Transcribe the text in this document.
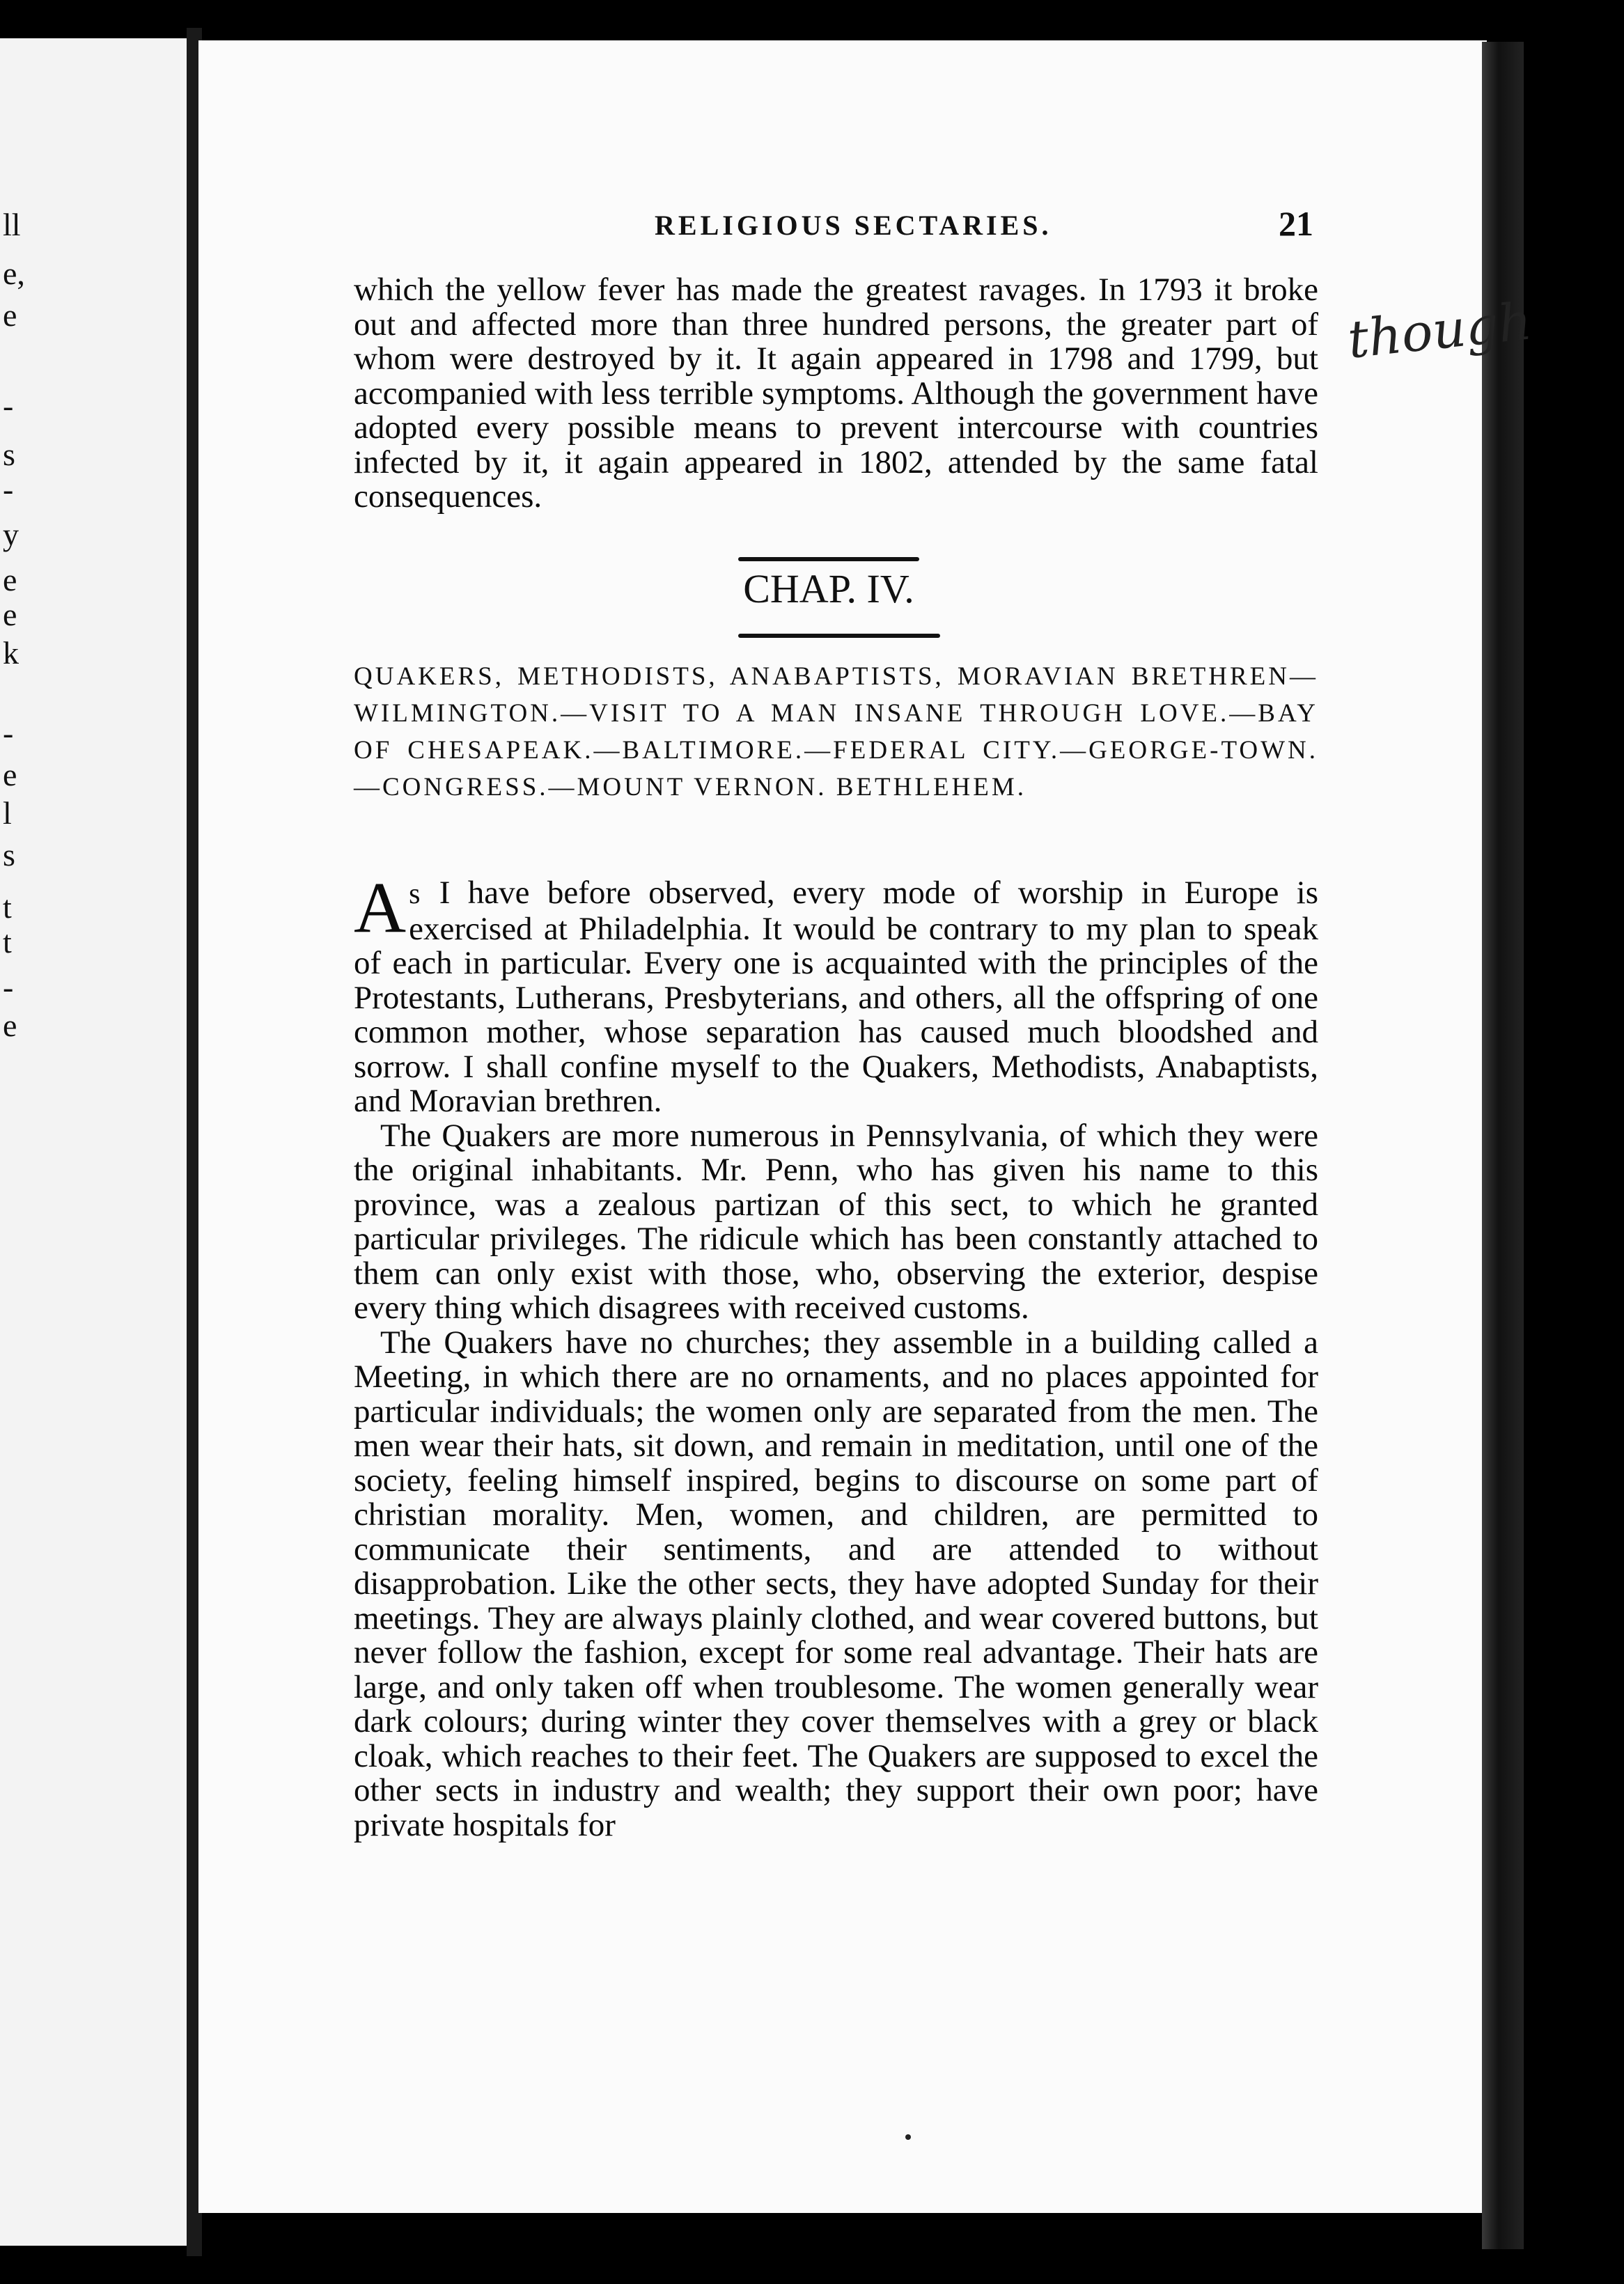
ll
e,
e
-
s
-
y
e
e
k
-
e
l
s
t
t
-
e
RELIGIOUS SECTARIES.	21
though

which the yellow fever has made the greatest ravages. In 1793 it broke out and affected more than three hundred persons, the greater part of whom were destroyed by it. It again appeared in 1798 and 1799, but accompanied with less terrible symptoms. Although the government have adopted every possible means to prevent intercourse with countries infected by it, it again appeared in 1802, attended by the same fatal consequences.

CHAP. IV.
QUAKERS, METHODISTS, ANABAPTISTS, MORAVIAN BRETHREN—WILMINGTON.—VISIT TO A MAN INSANE THROUGH LOVE.—BAY OF CHESAPEAK.—BALTIMORE.—FEDERAL CITY.—GEORGE-TOWN.—CONGRESS.—MOUNT VERNON. BETHLEHEM.

As I have before observed, every mode of worship in Europe is exercised at Philadelphia. It would be contrary to my plan to speak of each in particular. Every one is acquainted with the principles of the Protestants, Lutherans, Presbyterians, and others, all the offspring of one common mother, whose separation has caused much bloodshed and sorrow. I shall confine myself to the Quakers, Methodists, Anabaptists, and Moravian brethren.

The Quakers are more numerous in Pennsylvania, of which they were the original inhabitants. Mr. Penn, who has given his name to this province, was a zealous partizan of this sect, to which he granted particular privileges. The ridicule which has been constantly attached to them can only exist with those, who, observing the exterior, despise every thing which disagrees with received customs.

The Quakers have no churches; they assemble in a building called a Meeting, in which there are no ornaments, and no places appointed for particular individuals; the women only are separated from the men. The men wear their hats, sit down, and remain in meditation, until one of the society, feeling himself inspired, begins to discourse on some part of christian morality. Men, women, and children, are permitted to communicate their sentiments, and are attended to without disapprobation. Like the other sects, they have adopted Sunday for their meetings. They are always plainly clothed, and wear covered buttons, but never follow the fashion, except for some real advantage. Their hats are large, and only taken off when troublesome. The women generally wear dark colours; during winter they cover themselves with a grey or black cloak, which reaches to their feet. The Quakers are supposed to excel the other sects in industry and wealth; they support their own poor; have private hospitals for
